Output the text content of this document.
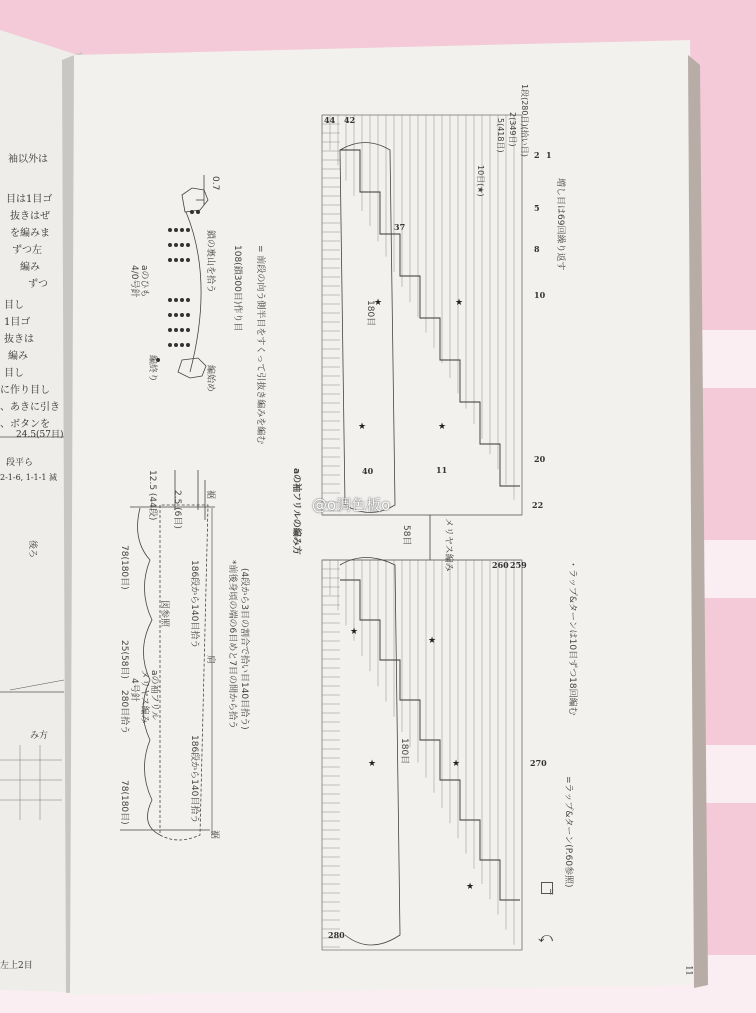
袖以外は
目は1目ゴ
抜きはぜ
を編みま
ずつ左
編み
ずつ
目し
1目ゴ
抜きは
編み
目し
に作り目し
、あきに引き
、ボタンを
24.5(57目)
段平ら
2-1-6, 1-1-1 減
後ろ
み方
左上2目
aのひも
4/0号針	鎖の裏山を拾う
編終り	編始め
0.7
108(鎖300目)作り目	= 前段の向う側半目をすくって引抜き編みを編む
裾
12.5 (44段)	2.5 (6目)
78(180目)
25(58目)
78(180目)
aの袖フリル
メリヤス編み
4号針
280目拾う
186段から140目拾う
186段から140目拾う
図参照
肩
裾
*前後身頃の端の6目めと7目の間から拾う (4段から3目の割合で拾い目140目拾う)
aの袖フリルの編み方
44 42
40
37
22
20
10
11
8
5
2 1
260 259
270
280
180目
58目
180目
メリヤス編み
5(418目) 2(349目) 1段(280目)(拾い目)
10目(★)	増し目は69回繰り返す
・ラップ&ターンは10目ずつ18回編む
=ラップ&ターン(P.60参照)
=
★	★
★	★
★
★
★	★
★
⤺
11
@o调色板o
